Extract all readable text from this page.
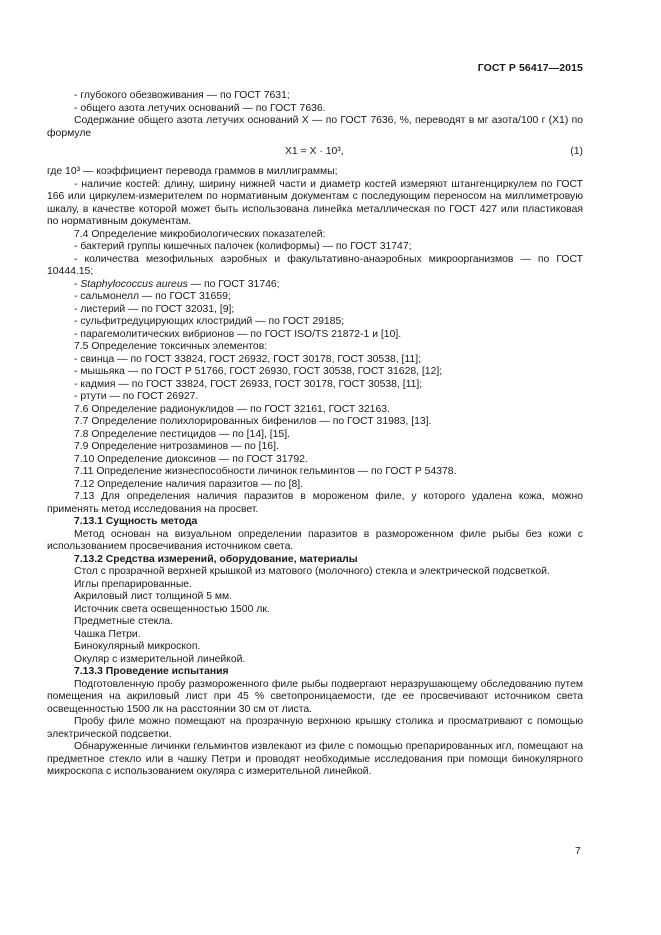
ГОСТ Р 56417—2015

- глубокого обезвоживания — по ГОСТ 7631;

- общего азота летучих оснований — по ГОСТ 7636.

Содержание общего азота летучих оснований X — по ГОСТ 7636, %, переводят в мг азота/100 г (X1) по формуле

X1 = X · 10³,	(1)

где 10³ — коэффициент перевода граммов в миллиграммы;

- наличие костей: длину, ширину нижней части и диаметр костей измеряют штангенциркулем по ГОСТ 166 или циркулем-измерителем по нормативным документам с последующим переносом на миллиметровую шкалу, в качестве которой может быть использована линейка металлическая по ГОСТ 427 или пластиковая по нормативным документам.

7.4 Определение микробиологических показателей:

- бактерий группы кишечных палочек (колиформы) — по ГОСТ 31747;

- количества мезофильных аэробных и факультативно-анаэробных микроорганизмов — по ГОСТ 10444.15;

- Staphylococcus aureus — по ГОСТ 31746;

- сальмонелл — по ГОСТ 31659;

- листерий — по ГОСТ 32031, [9];

- сульфитредуцирующих клостридий — по ГОСТ 29185;

- парагемолитических вибрионов — по ГОСТ ISO/TS 21872-1 и [10].

7.5 Определение токсичных элементов:

- свинца — по ГОСТ 33824, ГОСТ 26932, ГОСТ 30178, ГОСТ 30538, [11];

- мышьяка — по ГОСТ Р 51766, ГОСТ 26930, ГОСТ 30538, ГОСТ 31628, [12];

- кадмия — по ГОСТ 33824, ГОСТ 26933, ГОСТ 30178, ГОСТ 30538, [11];

- ртути — по ГОСТ 26927.

7.6 Определение радионуклидов — по ГОСТ 32161, ГОСТ 32163.

7.7 Определение полихлорированных бифенилов — по ГОСТ 31983, [13].

7.8 Определение пестицидов — по [14], [15].

7.9 Определение нитрозаминов — по [16].

7.10 Определение диоксинов — по ГОСТ 31792.

7.11 Определение жизнеспособности личинок гельминтов — по ГОСТ Р 54378.

7.12 Определение наличия паразитов — по [8].

7.13 Для определения наличия паразитов в мороженом филе, у которого удалена кожа, можно применять метод исследования на просвет.

7.13.1 Сущность метода

Метод основан на визуальном определении паразитов в размороженном филе рыбы без кожи с использованием просвечивания источником света.

7.13.2 Средства измерений, оборудование, материалы

Стол с прозрачной верхней крышкой из матового (молочного) стекла и электрической подсветкой.

Иглы препарированные.

Акриловый лист толщиной 5 мм.

Источник света освещенностью 1500 лк.

Предметные стекла.

Чашка Петри.

Бинокулярный микроскоп.

Окуляр с измерительной линейкой.

7.13.3 Проведение испытания

Подготовленную пробу размороженного филе рыбы подвергают неразрушающему обследованию путем помещения на акриловый лист при 45 % светопроницаемости, где ее просвечивают источником света освещенностью 1500 лк на расстоянии 30 см от листа.

Пробу филе можно помещают на прозрачную верхнюю крышку столика и просматривают с помощью электрической подсветки.

Обнаруженные личинки гельминтов извлекают из филе с помощью препарированных игл, помещают на предметное стекло или в чашку Петри и проводят необходимые исследования при помощи бинокулярного микроскопа с использованием окуляра с измерительной линейкой.

7
